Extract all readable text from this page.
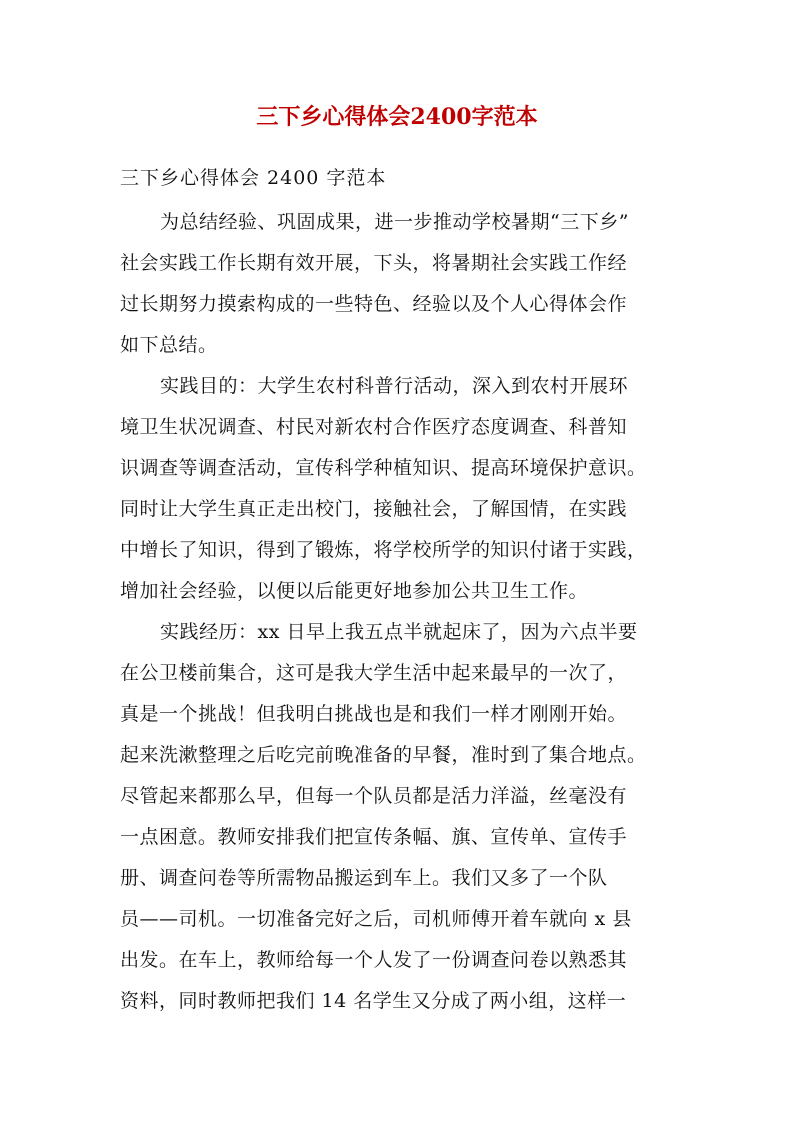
三下乡心得体会2400字范本

三下乡心得体会 2400 字范本

为总结经验、巩固成果，进一步推动学校暑期“三下乡”
社会实践工作长期有效开展，下头，将暑期社会实践工作经
过长期努力摸索构成的一些特色、经验以及个人心得体会作
如下总结。

实践目的：大学生农村科普行活动，深入到农村开展环
境卫生状况调查、村民对新农村合作医疗态度调查、科普知
识调查等调查活动，宣传科学种植知识、提高环境保护意识。
同时让大学生真正走出校门，接触社会，了解国情，在实践
中增长了知识，得到了锻炼，将学校所学的知识付诸于实践，
增加社会经验，以便以后能更好地参加公共卫生工作。

实践经历：xx 日早上我五点半就起床了，因为六点半要
在公卫楼前集合，这可是我大学生活中起来最早的一次了，
真是一个挑战！但我明白挑战也是和我们一样才刚刚开始。
起来洗漱整理之后吃完前晚准备的早餐，准时到了集合地点。
尽管起来都那么早，但每一个队员都是活力洋溢，丝毫没有
一点困意。教师安排我们把宣传条幅、旗、宣传单、宣传手
册、调查问卷等所需物品搬运到车上。我们又多了一个队
员——司机。一切准备完好之后，司机师傅开着车就向 x 县
出发。在车上，教师给每一个人发了一份调查问卷以熟悉其
资料，同时教师把我们 14 名学生又分成了两小组，这样一
